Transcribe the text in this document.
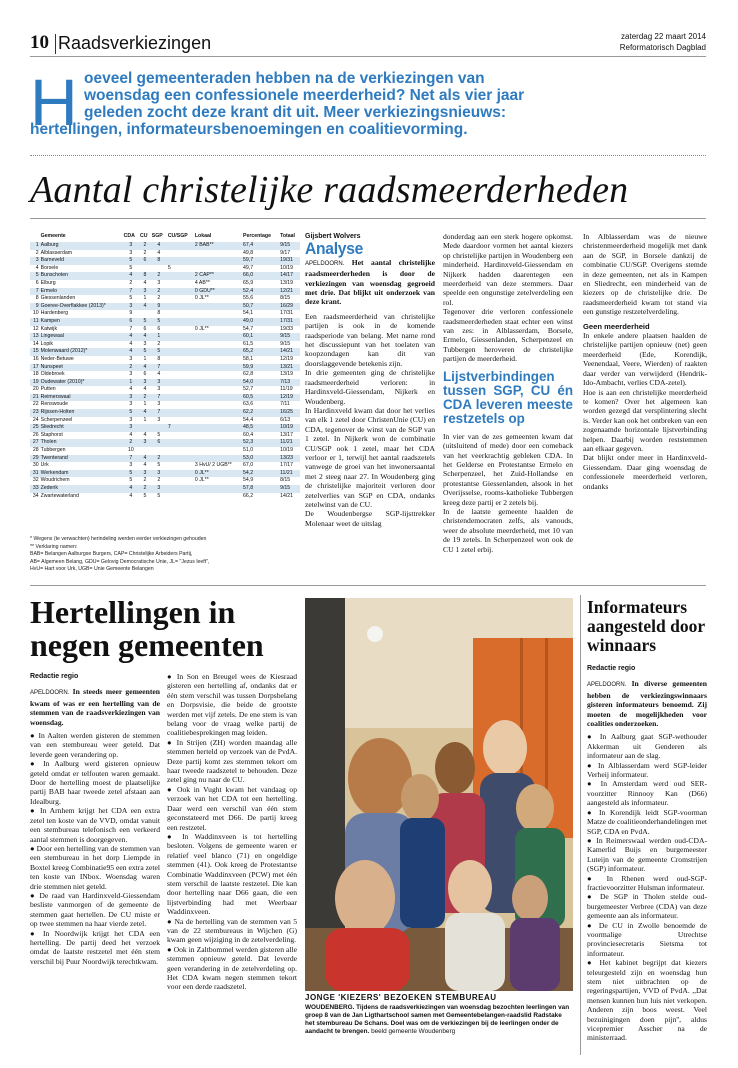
10 Raadsverkiezingen	zaterdag 22 maart 2014
Reformatorisch Dagblad
H oeveel gemeenteraden hebben na de verkiezingen van
woensdag een confessionele meerderheid? Net als vier jaar
geleden zocht deze krant dit uit. Meer verkiezingsnieuws:
hertellingen, informateursbenoemingen en coalitievorming.
Aantal christelijke raadsmeerderheden
	Gemeente	CDA	CU	SGP	CU/SGP	Lokaal	Percentage	Totaal
1	Aalburg	3	2	4		2 BAB**	67,4	9/15
2	Alblasserdam	3	2	4			49,8	9/17
3	Barneveld	5	6	8			59,7	19/31
4	Borsele	5			5		49,7	10/19
5	Bunschoten	4	8	2		2 CAP**	66,0	14/17
6	Elburg	2	4	3		4 AB**	65,9	13/19
7	Ermelo	7	3	2		0 GDU**	52,4	12/21
8	Giessenlanden	5	1	2		0 JL**	55,6	8/15
9	Goeree-Overflakkee (2013)*	3	4	9			50,7	16/29
10	Hardenberg	9		8			54,1	17/31
11	Kampen	6	5	5			49,0	17/31
12	Katwijk	7	6	6		0 JL**	54,7	19/33
13	Lingewaal	4	4	1			60,1	9/15
14	Lopik	4	3	2			61,5	9/15
15	Molenwaard (2012)*	4	5	5			65,2	14/21
16	Neder-Betuwe	3	1	8			58,1	12/19
17	Nunspeet	2	4	7			59,9	13/21
18	Oldebroek	3	6	4			62,8	13/19
19	Oudewater (2010)*	1	3	3			54,0	7/13
20	Putten	4	4	3			52,7	11/19
21	Reimerswaal	3	2	7			60,5	12/19
22	Renswoude	3	1	3			63,6	7/11
23	Rijssen-Holten	5	4	7			62,2	16/25
24	Scherpenzeel	3	1	3			54,4	6/13
25	Sliedrecht	3			7		48,5	10/19
26	Staphorst	4	4	5			60,4	13/17
27	Tholen	2	3	6			52,3	11/21
28	Tubbergen	10					51,0	10/19
29	Twenterand	7	4	2			53,0	13/23
30	Urk	3	4	5		3 HvU/ 2 UGB**	67,0	17/17
31	Werkendam	5	3	3		0 JL**	54,2	11/21
32	Woudrichem	5	2	2		0 JL**	54,9	8/15
33	Zederik	4	2	3			57,8	9/15
34	Zwartewaterland	4	5	5			66,2	14/21
* Wegens (te verwachten) herindeling werden eerder verkiezingen gehouden
** Verklaring namen:
BAB= Belangen Aalburgse Burgers, CAP= Christelijke Arbeiders Partij,
AB= Algemeen Belang, GDU= Gelovig Democratische Unie, JL= "Jezus leeft",
HvU= Hart voor Urk, UGB= Unie Gemeente Belangen
Gijsbert Wolvers
Analyse

APELDOORN. Het aantal christelijke raadsmeerderheden is door de verkiezingen van woensdag gegroeid met drie. Dat blijkt uit onderzoek van deze krant.

Een raadsmeerderheid van christelijke partijen is ook in de komende raadsperiode van belang. Met name rond het discussiepunt van het toelaten van koopzondagen kan dit van doorslaggevende betekenis zijn.
In drie gemeenten ging de christelijke raadsmeerderheid verloren: in Hardinxveld-Giessendam, Nijkerk en Woudenberg.
In Hardinxveld kwam dat door het verlies van elk 1 zetel door ChristenUnie (CU) en CDA, tegenover de winst van de SGP van 1 zetel. In Nijkerk won de combinatie CU/SGP ook 1 zetel, maar het CDA verloor er 1, terwijl het aantal raadszetels vanwege de groei van het inwonersaantal met 2 steeg naar 27. In Woudenberg ging de christelijke majoriteit verloren door zetelverlies van SGP en CDA, ondanks zetelwinst van de CU.
De Woudenbergse SGP-lijsttrekker Molenaar weet de uitslag

donderdag aan een sterk hogere opkomst. Mede daardoor vormen het aantal kiezers op christelijke partijen in Woudenberg een minderheid. Hardinxveld-Giessendam en Nijkerk hadden daarentegen een meerderheid van deze stemmers. Daar speelde een ongunstige zetelverdeling een rol.
Tegenover drie verloren confessionele raadsmeerderheden staat echter een winst van zes: in Alblasserdam, Borsele, Ermelo, Giessenlanden, Scherpenzeel en Tubbergen heroveren de christelijke partijen de meerderheid.

Lijstverbindingen tussen SGP, CU én CDA leveren meeste restzetels op

In vier van de zes gemeenten kwam dat (uitsluitend of mede) door een comeback van het veerkrachtig gebleken CDA. In het Gelderse en Protestantse Ermelo en Scherpenzeel, het Zuid-Hollandse en protestantse Giessenlanden, alsook in het Overijsselse, rooms-katholieke Tubbergen kreeg deze partij er 2 zetels bij.
In de laatste gemeente haalden de christendemocraten zelfs, als vanouds, weer de absolute meerderheid, met 10 van de 19 zetels. In Scherpenzeel won ook de CU 1 zetel erbij.

In Alblasserdam was de nieuwe christenmeerderheid mogelijk met dank aan de SGP, in Borsele dankzij de combinatie CU/SGP. Overigens stemde in deze gemeenten, net als in Kampen en Sliedrecht, een minderheid van de kiezers op de christelijke drie. De raadsmeerderheid kwam tot stand via een gunstige restzetelverdeling.

Geen meerderheid

In enkele andere plaatsen haalden de christelijke partijen opnieuw (net) geen meerderheid (Ede, Korendijk, Veenendaal, Veere, Wierden) of raakten daar verder van verwijderd (Hendrik-Ido-Ambacht, verlies CDA-zetel).
Hoe is aan een christelijke meerderheid te komen? Over het algemeen kan worden gezegd dat versplintering slecht is. Verder kan ook het ontbreken van een zogenaamde horizontale lijstverbinding helpen. Daarbij worden reststemmen aan elkaar gegeven.
Dat blijkt onder meer in Hardinxveld-Giessendam. Daar ging woensdag de confessionele meerderheid verloren, ondanks

Hertellingen in negen gemeenten
Redactie regio

APELDOORN. In steeds meer gemeenten kwam of was er een hertelling van de stemmen van de raadsverkiezingen van woensdag.

● In Aalten werden gisteren de stemmen van een stembureau weer geteld. Dat leverde geen verandering op.
● In Aalburg werd gisteren opnieuw geteld omdat er telfouten waren gemaakt. Door de hertelling moest de plaatselijke partij BAB haar tweede zetel afstaan aan Idealburg.
● In Arnhem krijgt het CDA een extra zetel ten koste van de VVD, omdat vanuit een stembureau telefonisch een verkeerd aantal stemmen is doorgegeven.
● Door een hertelling van de stemmen van een stembureau in het dorp Liempde in Boxtel kreeg Combinatie95 een extra zetel ten koste van INbox. Woensdag waren drie stemmen niet geteld.
● De raad van Hardinxveld-Giessendam besliste vanmorgen of de gemeente de stemmen gaat hertellen. De CU miste er op twee stemmen na haar vierde zetel.
● In Noordwijk krijgt het CDA een hertelling. De partij deed het verzoek omdat de laatste restzetel met één stem verschil bij Puur Noordwijk terechtkwam.

● In Son en Breugel wees de Kiesraad gisteren een hertelling af, ondanks dat er één stem verschil was tussen Dorpsbelang en Dorpsvisie, die beide de grootste werden met vijf zetels. De ene stem is van belang voor de vraag welke partij de coalitiebesprekingen mag leiden.
● In Strijen (ZH) worden maandag alle stemmen herteld op verzoek van de PvdA. Deze partij komt zes stemmen tekort om haar tweede raadszetel te behouden. Deze zetel ging nu naar de CU.
● Ook in Vught kwam het vandaag op verzoek van het CDA tot een hertelling. Daar werd een verschil van één stem geconstateerd met D66. De partij kreeg een restzetel.
● In Waddinxveen is tot hertelling besloten. Volgens de gemeente waren er relatief veel blanco (71) en ongeldige stemmen (41). Ook kreeg de Protestantse Combinatie Waddinxveen (PCW) met één stem verschil de laatste restzetel. Die kan door hertelling naar D66 gaan, die een lijstverbinding had met Weerbaar Waddinxveen.
● Na de hertelling van de stemmen van 5 van de 22 stembureaus in Wijchen (G) kwam geen wijziging in de zetelverdeling.
● Ook in Zaltbommel werden gisteren alle stemmen opnieuw geteld. Dat leverde geen verandering in de zetelverdeling op. Het CDA kwam negen stemmen tekort voor een derde raadszetel.

JONGE 'KIEZERS' BEZOEKEN STEMBUREAU
WOUDENBERG. Tijdens de raadsverkiezingen van woensdag bezochten leerlingen van groep 8 van de Jan Ligthartschool samen met Gemeentebelangen-raadslid Radstake het stembureau De Schans. Doel was om de verkiezingen bij de leerlingen onder de aandacht te brengen. beeld gemeente Woudenberg
Informateurs aangesteld door winnaars
Redactie regio

APELDOORN. In diverse gemeenten hebben de verkiezingswinnaars gisteren informateurs benoemd. Zij moeten de mogelijkheden voor coalities onderzoeken.

● In Aalburg gaat SGP-wethouder Akkerman uit Genderen als informateur aan de slag.
● In Alblasserdam werd SGP-leider Verheij informateur.
● In Amsterdam werd oud SER-voorzitter Rinnooy Kan (D66) aangesteld als informateur.
● In Korendijk leidt SGP-voorman Matze de coalitieonderhandelingen met SGP, CDA en PvdA.
● In Reimerswaal werden oud-CDA-Kamerlid Buijs en burgemeester Luteijn van de gemeente Cromstrijen (SGP) informateur.
● In Rhenen werd oud-SGP-fractievoorzitter Hulsman informateur.
● De SGP in Tholen stelde oud-burgemeester Verbree (CDA) van deze gemeente aan als informateur.
● De CU in Zwolle benoemde de voormalige Utrechtse provinciesecretaris Sietsma tot informateur.
● Het kabinet begrijpt dat kiezers teleurgesteld zijn en woensdag hun stem niet uitbrachten op de regeringspartijen, VVD of PvdA. ,,Dat mensen kunnen hun luis niet verkopen. Anderen zijn boos weest. Veel bezuinigingen doen pijn'', aldus vicepremier Asscher na de ministerraad.
